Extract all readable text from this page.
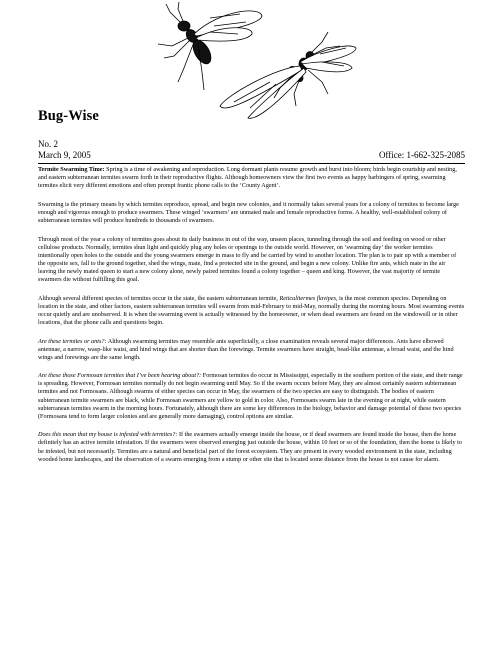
Bug-Wise
No. 2
March 9, 2005	Office: 1-662-325-2085

Termite Swarming Time: Spring is a time of awakening and reproduction. Long dormant plants resume growth and burst into bloom; birds begin courtship and nesting, and eastern subterranean termites swarm forth in their reproductive flights. Although homeowners view the first two events as happy harbingers of spring, swarming termites elicit very different emotions and often prompt frantic phone calls to the ‘County Agent’.

Swarming is the primary means by which termites reproduce, spread, and begin new colonies, and it normally takes several years for a colony of termites to become large enough and vigorous enough to produce swarmers. These winged ‘swarmers’ are unmated male and female reproductive forms. A healthy, well-established colony of subterranean termites will produce hundreds to thousands of swarmers.

Through most of the year a colony of termites goes about its daily business in out of the way, unseen places, tunneling through the soil and feeding on wood or other cellulose products. Normally, termites shun light and quickly plug any holes or openings to the outside world. However, on ‘swarming day’ the worker termites intentionally open holes to the outside and the young swarmers emerge in mass to fly and be carried by wind to another location. The plan is to pair up with a member of the opposite sex, fall to the ground together, shed the wings, mate, find a protected site in the ground, and begin a new colony. Unlike fire ants, which mate in the air leaving the newly mated queen to start a new colony alone, newly paired termites found a colony together – queen and king. However, the vast majority of termite swarmers die without fulfilling this goal.

Although several different species of termites occur in the state, the eastern subterranean termite, Reticulitermes flavipes, is the most common species. Depending on location in the state, and other factors, eastern subterranean termites will swarm from mid-February to mid-May, normally during the morning hours. Most swarming events occur quietly and are unobserved. It is when the swarming event is actually witnessed by the homeowner, or when dead swarmers are found on the windowsill or in other locations, that the phone calls and questions begin.

Are these termites or ants?: Although swarming termites may resemble ants superficially, a close examination reveals several major differences. Ants have elbowed antennae, a narrow, wasp-like waist, and hind wings that are shorter than the forewings. Termite swarmers have straight, bead-like antennae, a broad waist, and the hind wings and forewings are the same length.

Are these those Formosan termites that I’ve been hearing about?: Formosan termites do occur in Mississippi, especially in the southern portion of the state, and their range is spreading. However, Formosan termites normally do not begin swarming until May. So if the swarm occurs before May, they are almost certainly eastern subterranean termites and not Formosans. Although swarms of either species can occur in May, the swarmers of the two species are easy to distinguish. The bodies of eastern subterranean termite swarmers are black, while Formosan swarmers are yellow to gold in color. Also, Formosans swarm late in the evening or at night, while eastern subterranean termites swarm in the morning hours. Fortunately, although there are some key differences in the biology, behavior and damage potential of these two species (Formosans tend to form larger colonies and are generally more damaging), control options are similar.

Does this mean that my house is infested with termites?: If the swarmers actually emerge inside the house, or if dead swarmers are found inside the house, then the home definitely has an active termite infestation. If the swarmers were observed emerging just outside the house, within 10 feet or so of the foundation, then the home is likely to be infested, but not necessarily. Termites are a natural and beneficial part of the forest ecosystem. They are present in every wooded environment in the state, including wooded home landscapes, and the observation of a swarm emerging from a stump or other site that is located some distance from the house is not cause for alarm.
